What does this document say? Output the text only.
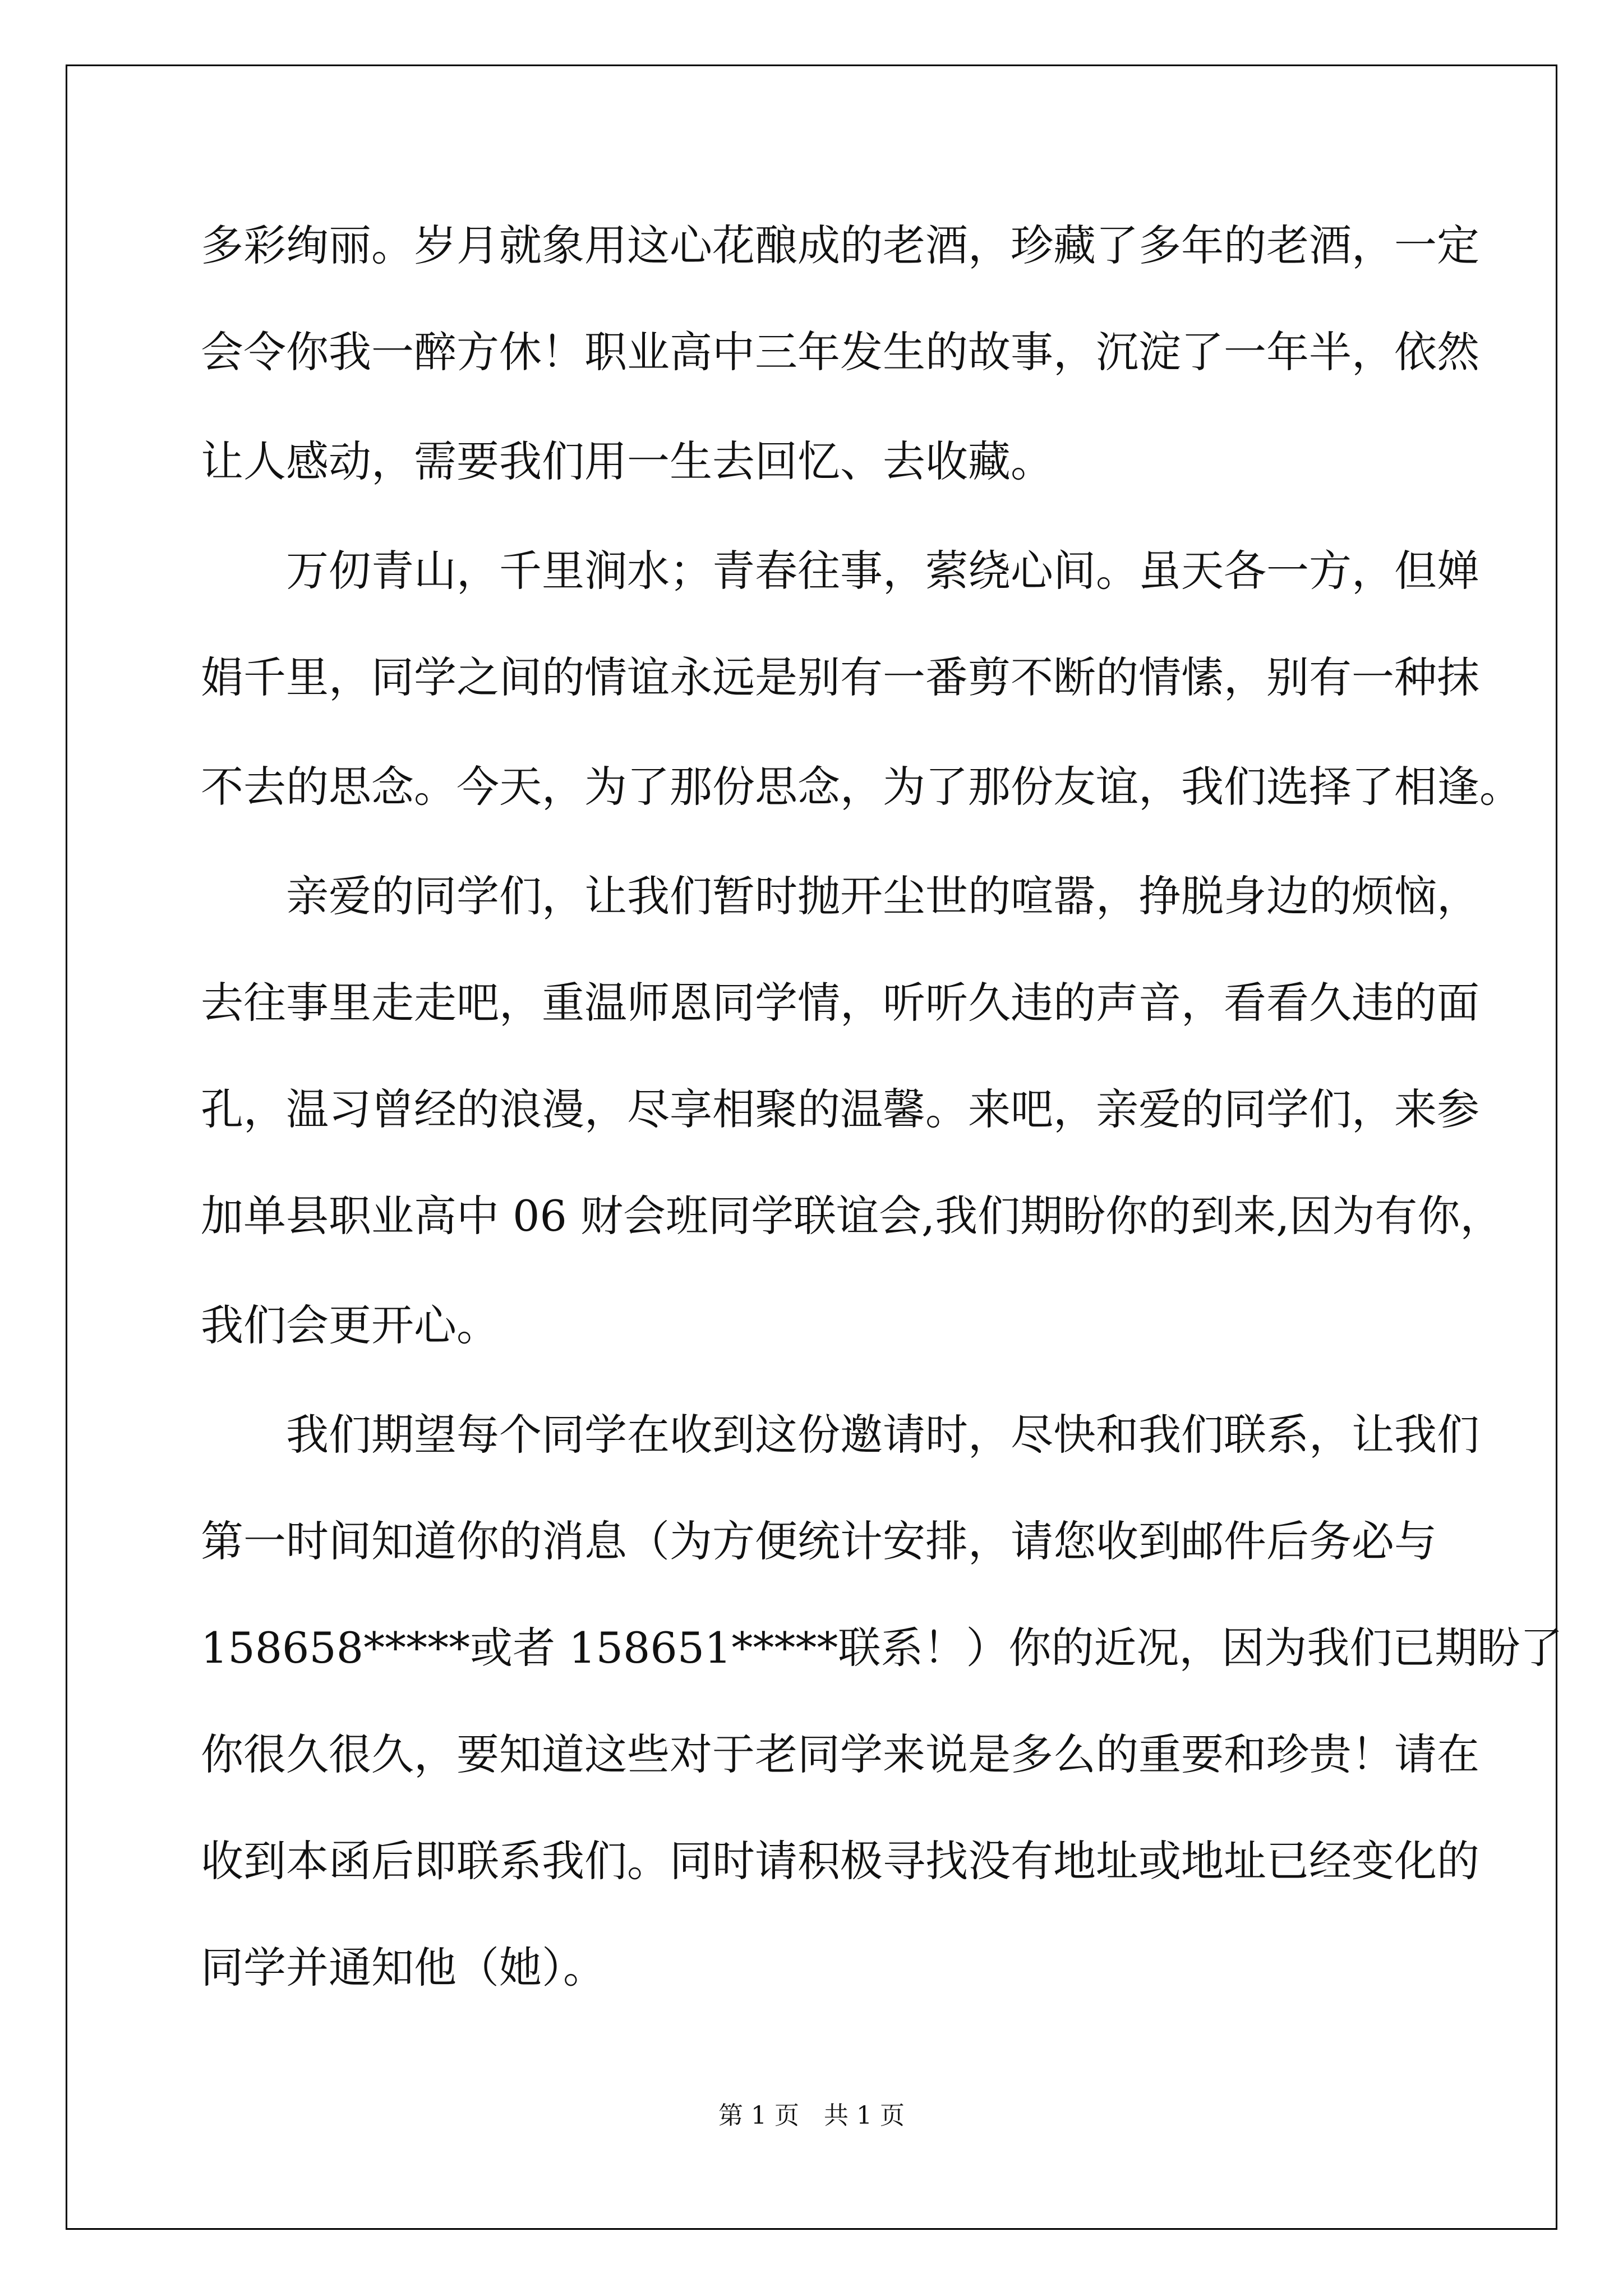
多彩绚丽。岁月就象用这心花酿成的老酒，珍藏了多年的老酒，一定
会令你我一醉方休！职业高中三年发生的故事，沉淀了一年半，依然
让人感动，需要我们用一生去回忆、去收藏。
　　万仞青山，千里涧水；青春往事，萦绕心间。虽天各一方，但婵
娟千里，同学之间的情谊永远是别有一番剪不断的情愫，别有一种抹
不去的思念。今天，为了那份思念，为了那份友谊，我们选择了相逢。
　　亲爱的同学们，让我们暂时抛开尘世的喧嚣，挣脱身边的烦恼，
去往事里走走吧，重温师恩同学情，听听久违的声音，看看久违的面
孔，温习曾经的浪漫，尽享相聚的温馨。来吧，亲爱的同学们，来参
加单县职业高中 06 财会班同学联谊会,我们期盼你的到来,因为有你，
我们会更开心。
　　我们期望每个同学在收到这份邀请时，尽快和我们联系，让我们
第一时间知道你的消息（为方便统计安排，请您收到邮件后务必与
158658*****或者 158651*****联系！）你的近况，因为我们已期盼了
你很久很久，要知道这些对于老同学来说是多么的重要和珍贵！请在
收到本函后即联系我们。同时请积极寻找没有地址或地址已经变化的
同学并通知他（她）。
第 1 页　共 1 页
